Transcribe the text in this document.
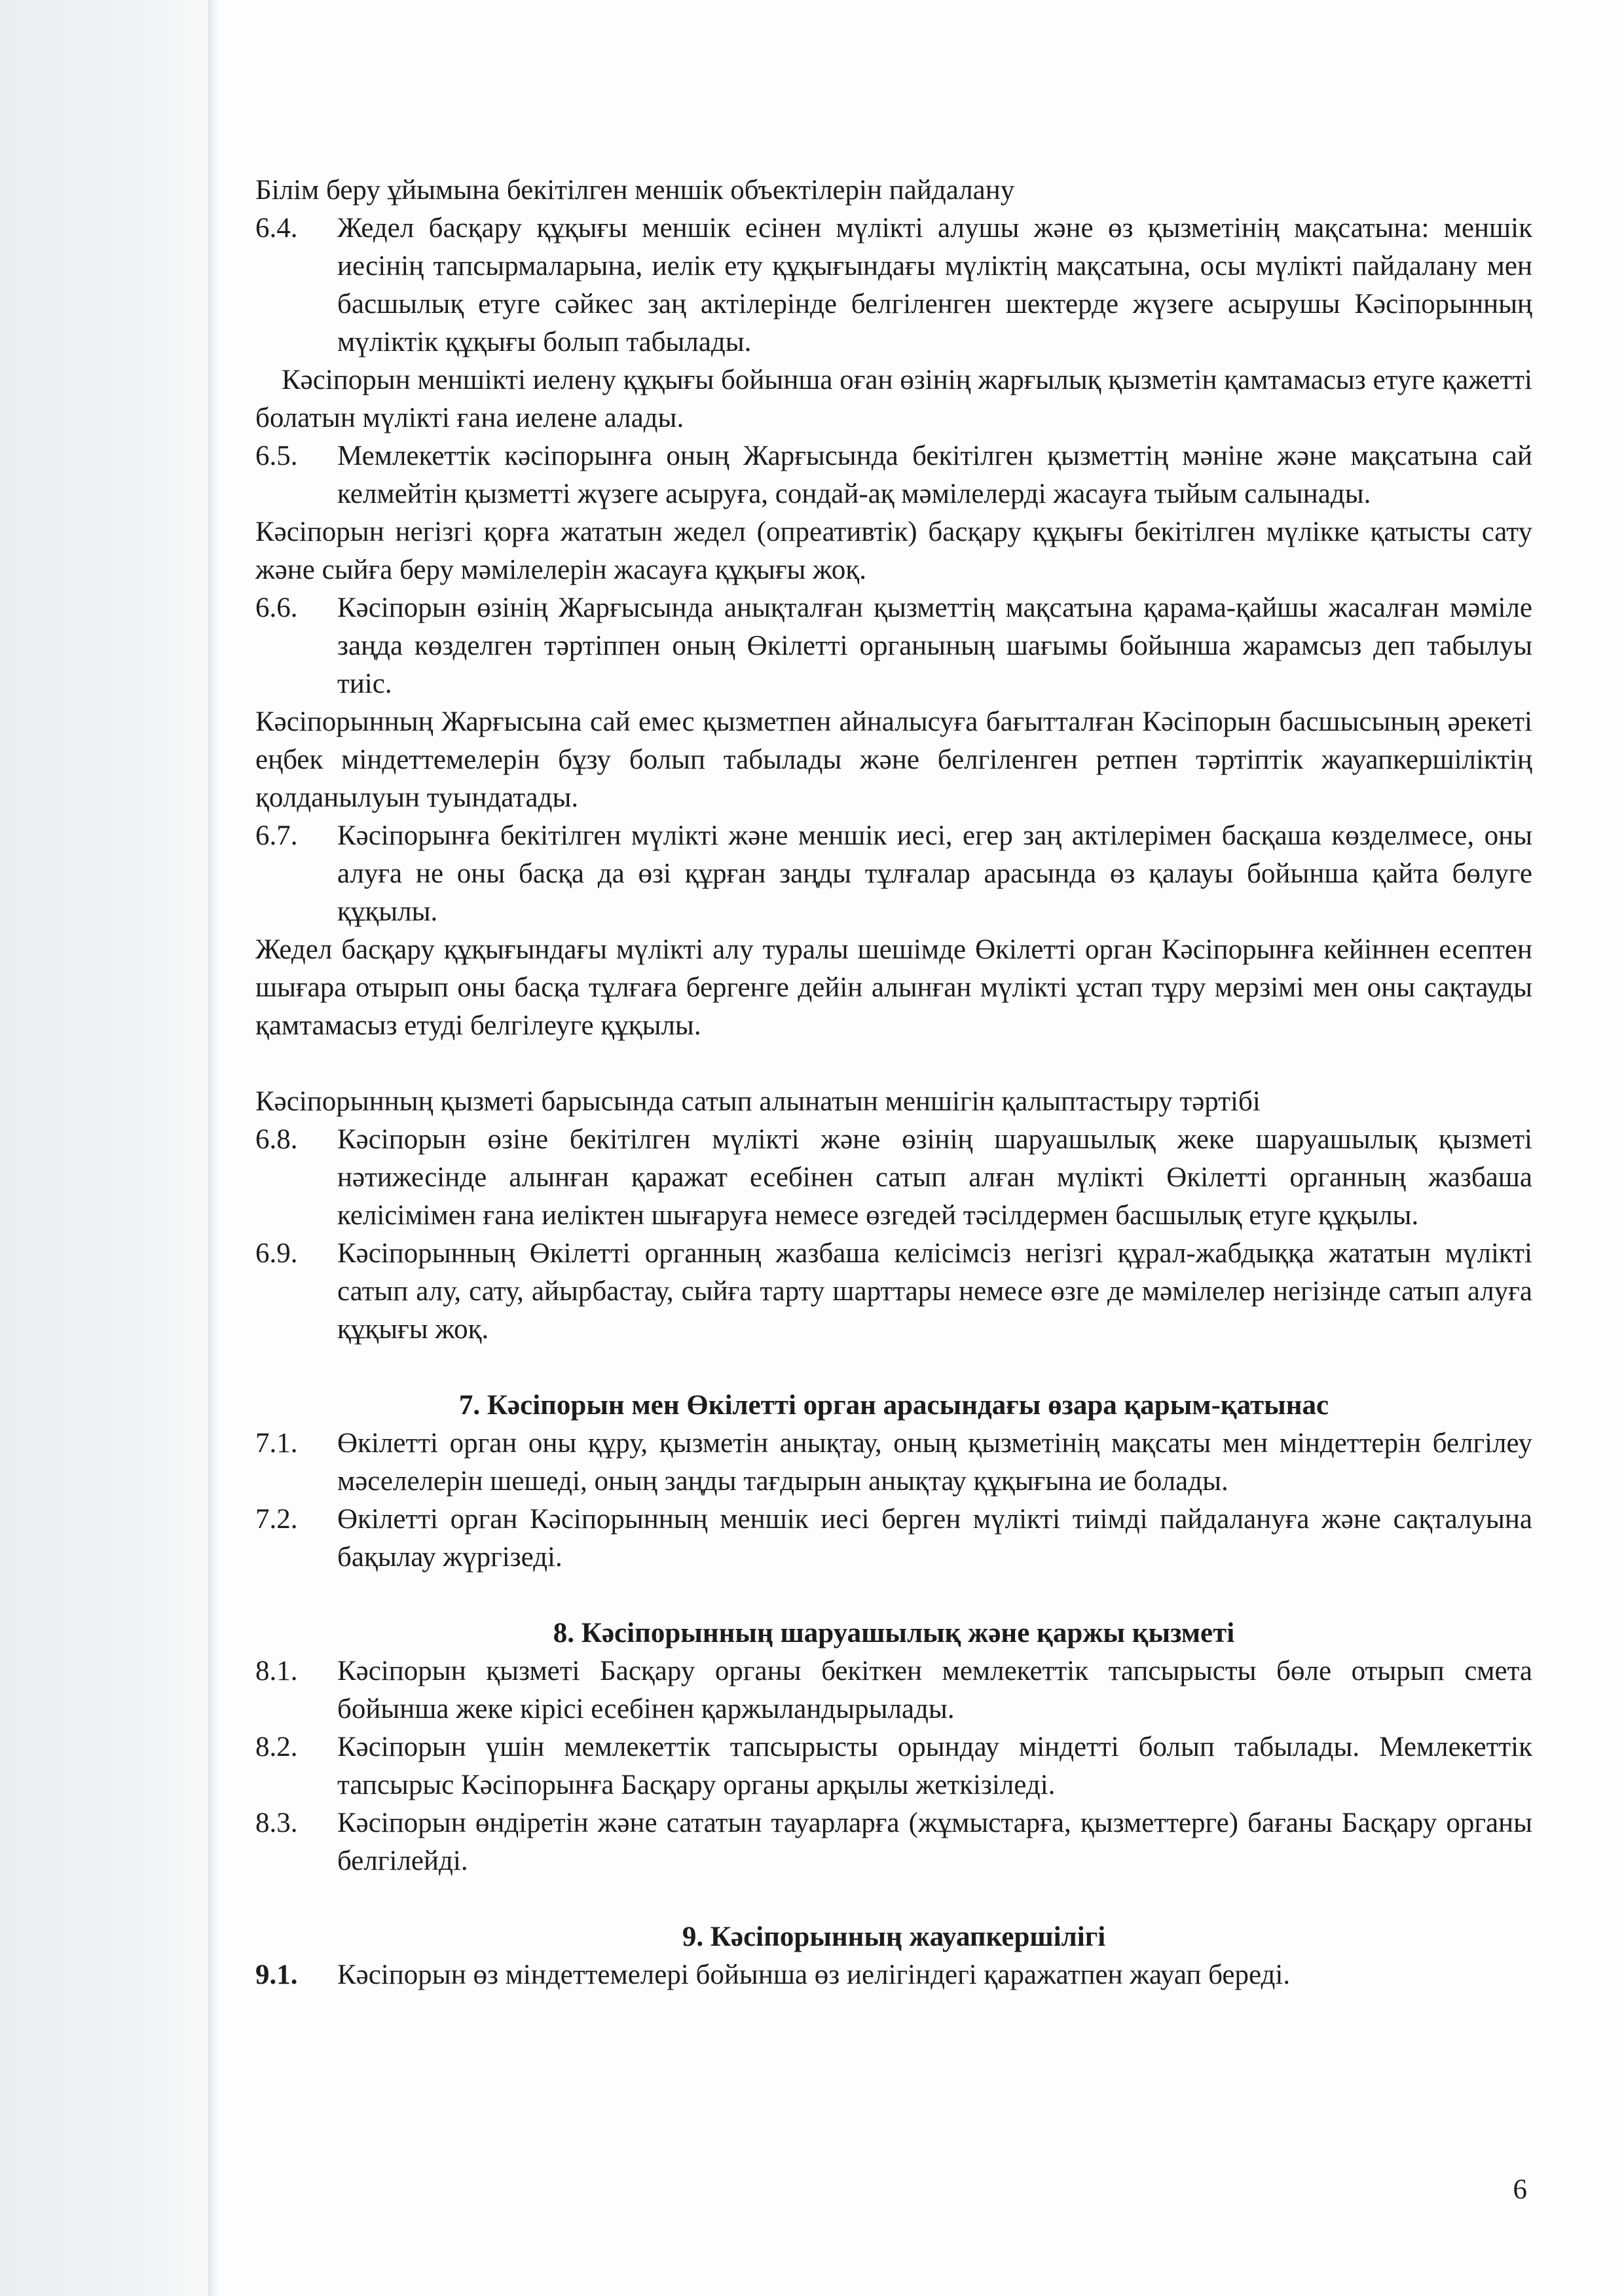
Білім беру ұйымына бекітілген меншік объектілерін пайдалану

6.4.	Жедел басқару құқығы меншік есінен мүлікті алушы және өз қызметінің мақсатына: меншік иесінің тапсырмаларына, иелік ету құқығындағы мүліктің мақсатына, осы мүлікті пайдалану мен басшылық етуге сәйкес заң актілерінде белгіленген шектерде жүзеге асырушы Кәсіпорынның мүліктік құқығы болып табылады.

Кәсіпорын меншікті иелену құқығы бойынша оған өзінің жарғылық қызметін қамтамасыз етуге қажетті болатын мүлікті ғана иелене алады.

6.5.	Мемлекеттік кәсіпорынға оның Жарғысында бекітілген қызметтің мәніне және мақсатына сай келмейтін қызметті жүзеге асыруға, сондай-ақ мәмілелерді жасауға тыйым салынады.

Кәсіпорын негізгі қорға жататын жедел (опреативтік) басқару құқығы бекітілген мүлікке қатысты сату және сыйға беру мәмілелерін жасауға құқығы жоқ.

6.6.	Кәсіпорын өзінің Жарғысында анықталған қызметтің мақсатына қарама-қайшы жасалған мәміле заңда көзделген тәртіппен оның Өкілетті органының шағымы бойынша жарамсыз деп табылуы тиіс.

Кәсіпорынның Жарғысына сай емес қызметпен айналысуға бағытталған Кәсіпорын басшысының әрекеті еңбек міндеттемелерін бұзу болып табылады және белгіленген ретпен тәртіптік жауапкершіліктің қолданылуын туындатады.

6.7.	Кәсіпорынға бекітілген мүлікті және меншік иесі, егер заң актілерімен басқаша көзделмесе, оны алуға не оны басқа да өзі құрған заңды тұлғалар арасында өз қалауы бойынша қайта бөлуге құқылы.

Жедел басқару құқығындағы мүлікті алу туралы шешімде Өкілетті орган Кәсіпорынға кейіннен есептен шығара отырып оны басқа тұлғаға бергенге дейін алынған мүлікті ұстап тұру мерзімі мен оны сақтауды қамтамасыз етуді белгілеуге құқылы.

Кәсіпорынның қызметі барысында сатып алынатын меншігін қалыптастыру тәртібі

6.8.	Кәсіпорын өзіне бекітілген мүлікті және өзінің шаруашылық жеке шаруашылық қызметі нәтижесінде алынған қаражат есебінен сатып алған мүлікті Өкілетті органның жазбаша келісімімен ғана иеліктен шығаруға немесе өзгедей тәсілдермен басшылық етуге құқылы.
6.9.	Кәсіпорынның Өкілетті органның жазбаша келісімсіз негізгі құрал-жабдыққа жататын мүлікті сатып алу, сату, айырбастау, сыйға тарту шарттары немесе өзге де мәмілелер негізінде сатып алуға құқығы жоқ.

7. Кәсіпорын мен Өкілетті орган арасындағы өзара қарым-қатынас

7.1.	Өкілетті орган оны құру, қызметін анықтау, оның қызметінің мақсаты мен міндеттерін белгілеу мәселелерін шешеді, оның заңды тағдырын анықтау құқығына ие болады.
7.2.	Өкілетті орган Кәсіпорынның меншік иесі берген мүлікті тиімді пайдалануға және сақталуына бақылау жүргізеді.

8. Кәсіпорынның шаруашылық және қаржы қызметі

8.1.	Кәсіпорын қызметі Басқару органы бекіткен мемлекеттік тапсырысты бөле отырып смета бойынша жеке кірісі есебінен қаржыландырылады.
8.2.	Кәсіпорын үшін мемлекеттік тапсырысты орындау міндетті болып табылады. Мемлекеттік тапсырыс Кәсіпорынға Басқару органы арқылы жеткізіледі.
8.3.	Кәсіпорын өндіретін және сататын тауарларға (жұмыстарға, қызметтерге) бағаны Басқару органы белгілейді.

9. Кәсіпорынның жауапкершілігі

9.1.	Кәсіпорын өз міндеттемелері бойынша өз иелігіндегі қаражатпен жауап береді.
6
